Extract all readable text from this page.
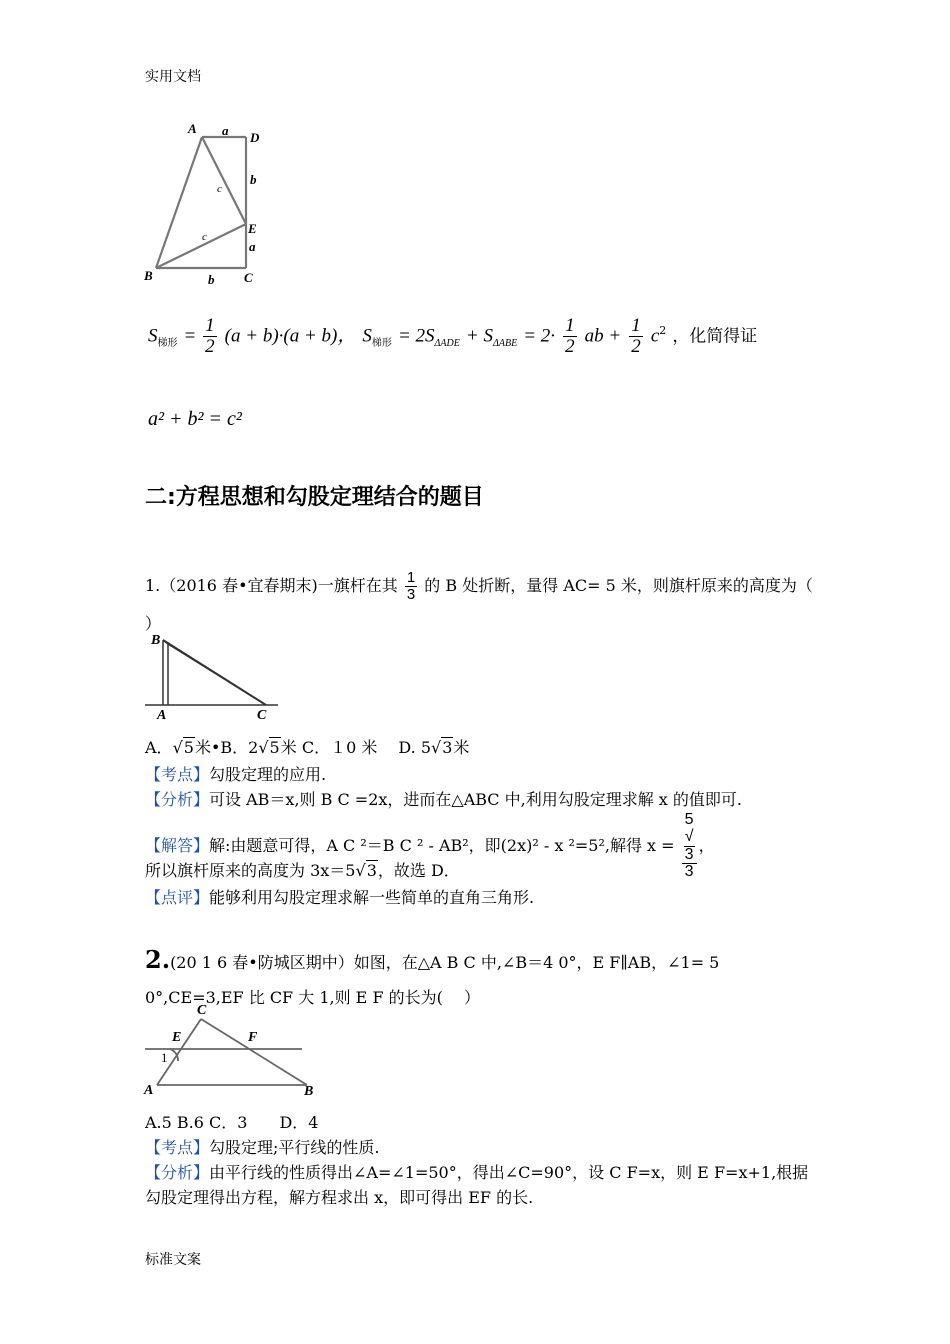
实用文档
A a D
b
c
E
c
a
B	b C
$S_{梯形} = \frac{1}{2} (a + b)\cdot(a + b)$， $S_{梯形} = 2S_{\Delta ADE} + S_{\Delta ABE} = 2\cdot \frac{1}{2}$ ab + $\frac{1}{2} c^2$ ，化简得证
a² + b² = c²
二:方程思想和勾股定理结合的题目
1.（2016 春•宜春期末)一旗杆在其 $\frac{1}{3}$ 的 B 处折断，量得 AC= 5 米，则旗杆原来的高度为（
）
B
A	C
A．√5米•B．2√5米 C．１0 米　 D. 5√3米
【考点】勾股定理的应用.
【分析】可设 AB＝x,则 B C =2x，进而在△ABC 中,利用勾股定理求解 x 的值即可.
【解答】解:由题意可得，A C ²＝B C ² - AB²，即(2x)² - x ²=5²,解得 x = 5
√
3
3 ，
所以旗杆原来的高度为 3x＝5√3，故选 D．
【点评】能够利用勾股定理求解一些简单的直角三角形.
2.(20 1 6 春•防城区期中）如图，在△A B C 中,∠B＝4 0°，E F∥AB，∠1= 5
0°,CE=3,EF 比 CF 大 1,则 E F 的长为(　 ）
C
E	F
1
A	B
A.5 B.6 C．3　　D．4
【考点】勾股定理;平行线的性质.
【分析】由平行线的性质得出∠A=∠1=50°，得出∠C=90°，设 C F=x，则 E F=x+1,根据
勾股定理得出方程，解方程求出 x，即可得出 EF 的长.
标准文案
